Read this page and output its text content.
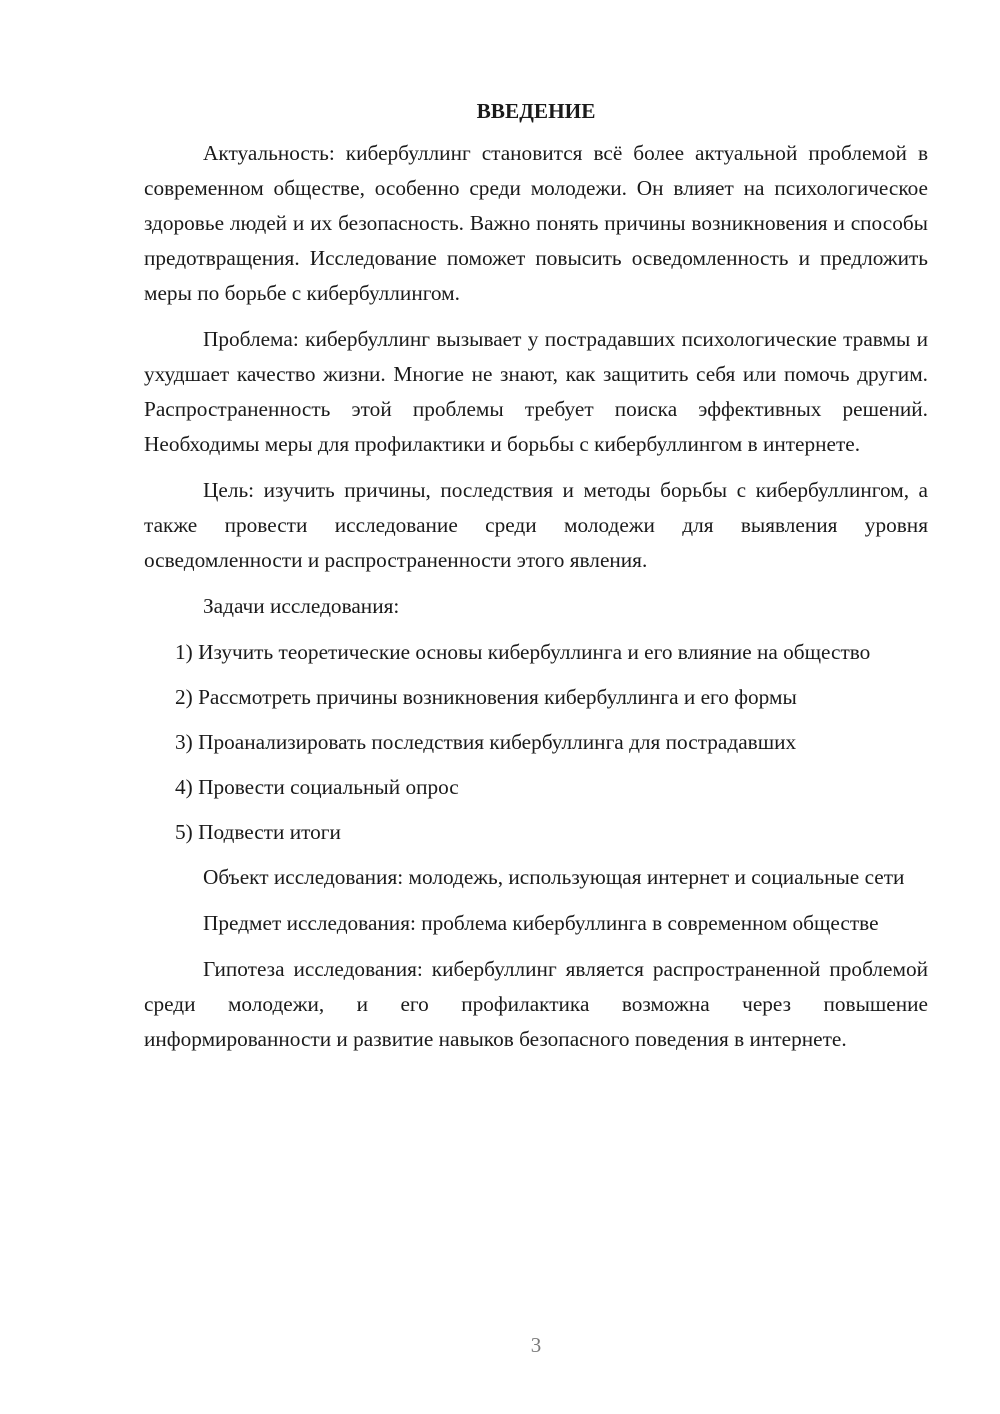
ВВЕДЕНИЕ

Актуальность: кибербуллинг становится всё более актуальной проблемой в современном обществе, особенно среди молодежи. Он влияет на психологическое здоровье людей и их безопасность. Важно понять причины возникновения и способы предотвращения. Исследование поможет повысить осведомленность и предложить меры по борьбе с кибербуллингом.

Проблема: кибербуллинг вызывает у пострадавших психологические травмы и ухудшает качество жизни. Многие не знают, как защитить себя или помочь другим. Распространенность этой проблемы требует поиска эффективных решений. Необходимы меры для профилактики и борьбы с кибербуллингом в интернете.

Цель: изучить причины, последствия и методы борьбы с кибербуллингом, а также провести исследование среди молодежи для выявления уровня осведомленности и распространенности этого явления.

Задачи исследования:

1) Изучить теоретические основы кибербуллинга и его влияние на общество

2) Рассмотреть причины возникновения кибербуллинга и его формы

3) Проанализировать последствия кибербуллинга для пострадавших

4) Провести социальный опрос

5) Подвести итоги

Объект исследования: молодежь, использующая интернет и социальные сети

Предмет исследования: проблема кибербуллинга в современном обществе

Гипотеза исследования: кибербуллинг является распространенной проблемой среди молодежи, и его профилактика возможна через повышение информированности и развитие навыков безопасного поведения в интернете.

3
